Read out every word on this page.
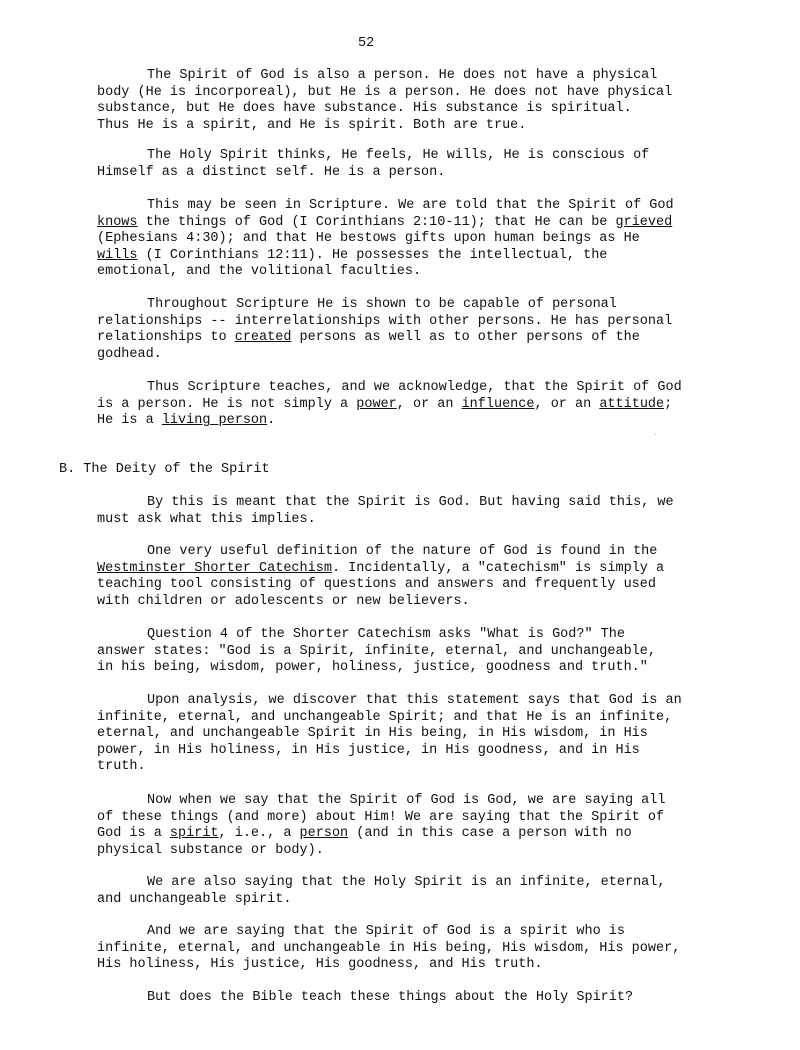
52
The Spirit of God is also a person. He does not have a physical
body (He is incorporeal), but He is a person. He does not have physical
substance, but He does have substance. His substance is spiritual.
Thus He is a spirit, and He is spirit. Both are true.
The Holy Spirit thinks, He feels, He wills, He is conscious of
Himself as a distinct self. He is a person.
This may be seen in Scripture. We are told that the Spirit of God
knows the things of God (I Corinthians 2:10-11); that He can be grieved
(Ephesians 4:30); and that He bestows gifts upon human beings as He
wills (I Corinthians 12:11). He possesses the intellectual, the
emotional, and the volitional faculties.
Throughout Scripture He is shown to be capable of personal
relationships -- interrelationships with other persons. He has personal
relationships to created persons as well as to other persons of the
godhead.
Thus Scripture teaches, and we acknowledge, that the Spirit of God
is a person. He is not simply a power, or an influence, or an attitude;
He is a living person.
B. The Deity of the Spirit
By this is meant that the Spirit is God. But having said this, we
must ask what this implies.
One very useful definition of the nature of God is found in the
Westminster Shorter Catechism. Incidentally, a "catechism" is simply a
teaching tool consisting of questions and answers and frequently used
with children or adolescents or new believers.
Question 4 of the Shorter Catechism asks "What is God?" The
answer states: "God is a Spirit, infinite, eternal, and unchangeable,
in his being, wisdom, power, holiness, justice, goodness and truth."
Upon analysis, we discover that this statement says that God is an
infinite, eternal, and unchangeable Spirit; and that He is an infinite,
eternal, and unchangeable Spirit in His being, in His wisdom, in His
power, in His holiness, in His justice, in His goodness, and in His
truth.
Now when we say that the Spirit of God is God, we are saying all
of these things (and more) about Him! We are saying that the Spirit of
God is a spirit, i.e., a person (and in this case a person with no
physical substance or body).
We are also saying that the Holy Spirit is an infinite, eternal,
and unchangeable spirit.
And we are saying that the Spirit of God is a spirit who is
infinite, eternal, and unchangeable in His being, His wisdom, His power,
His holiness, His justice, His goodness, and His truth.
But does the Bible teach these things about the Holy Spirit?
